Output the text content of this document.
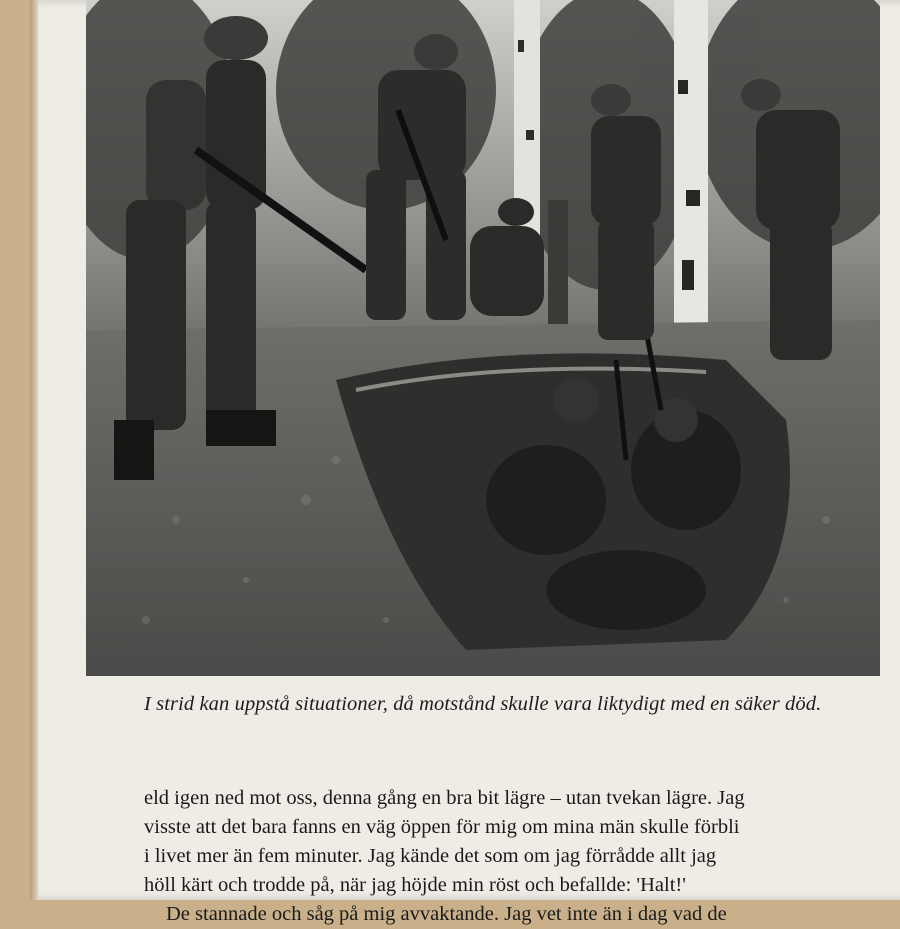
I strid kan uppstå situationer, då motstånd skulle vara liktydigt med en säker död.

eld igen ned mot oss, denna gång en bra bit lägre – utan tvekan lägre. Jag
visste att det bara fanns en väg öppen för mig om mina män skulle förbli
i livet mer än fem minuter. Jag kände det som om jag förrådde allt jag
höll kärt och trodde på, när jag höjde min röst och befallde: 'Halt!'
De stannade och såg på mig avvaktande. Jag vet inte än i dag vad de
